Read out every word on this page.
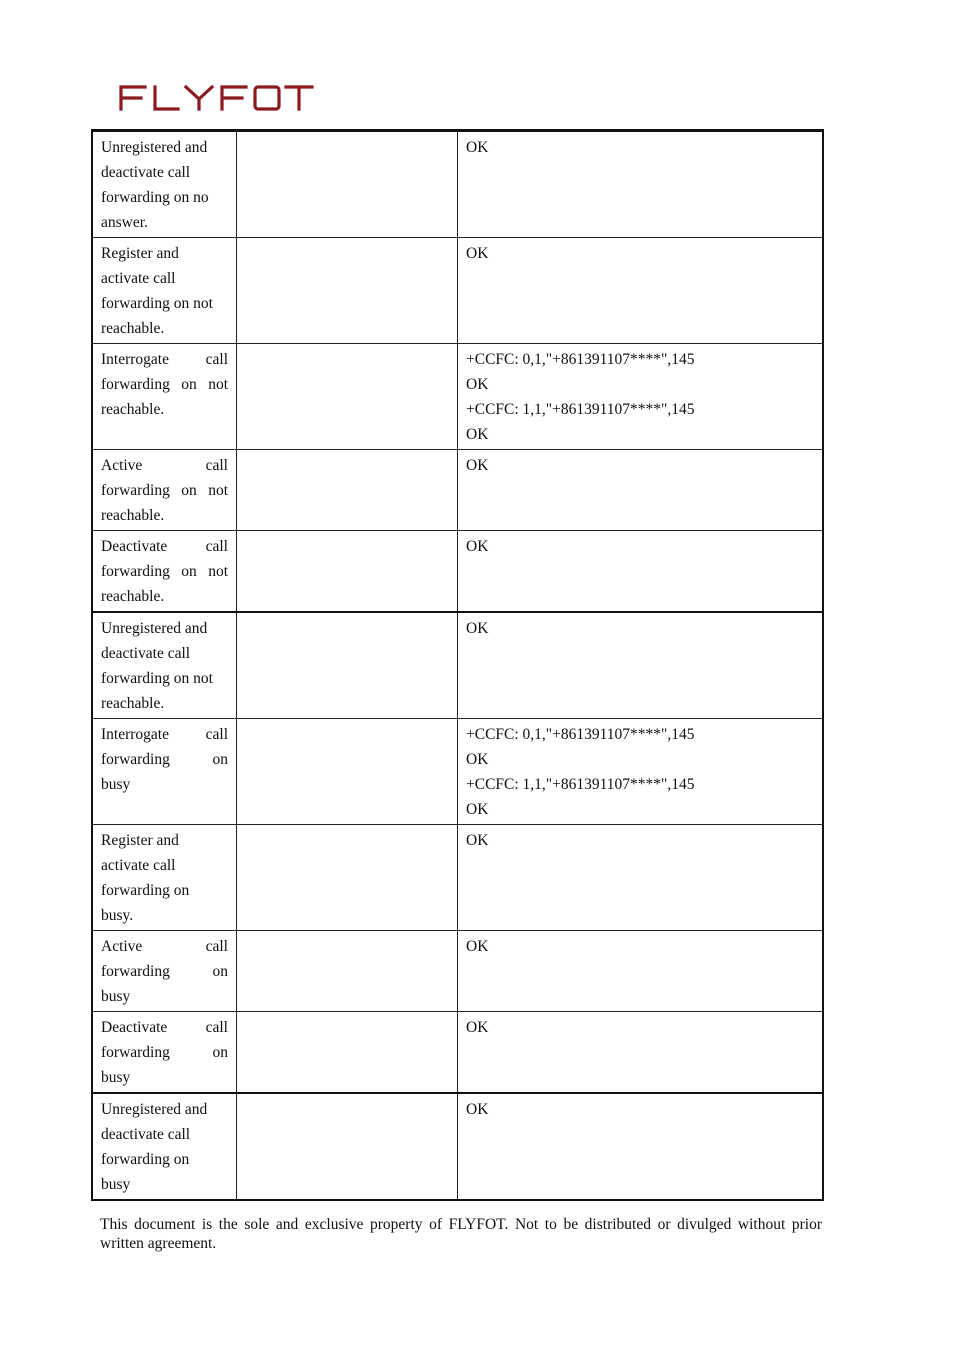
Unregistered and
deactivate call
forwarding on no
answer.		OK

Register and
activate call
forwarding on not
reachable.		OK

Interrogate call
forwarding on not
reachable.		+CCFC: 0,1,"+861391107****",145
OK
+CCFC: 1,1,"+861391107****",145
OK

Active call
forwarding on not
reachable.		OK

Deactivate call
forwarding on not
reachable.		OK

Unregistered and
deactivate call
forwarding on not
reachable.		OK

Interrogate call
forwarding on
busy		+CCFC: 0,1,"+861391107****",145
OK
+CCFC: 1,1,"+861391107****",145
OK

Register and
activate call
forwarding on
busy.		OK

Active call
forwarding on
busy		OK

Deactivate call
forwarding on
busy		OK

Unregistered and
deactivate call
forwarding on
busy		OK
This document is the sole and exclusive property of FLYFOT. Not to be distributed or divulged without prior written agreement.
